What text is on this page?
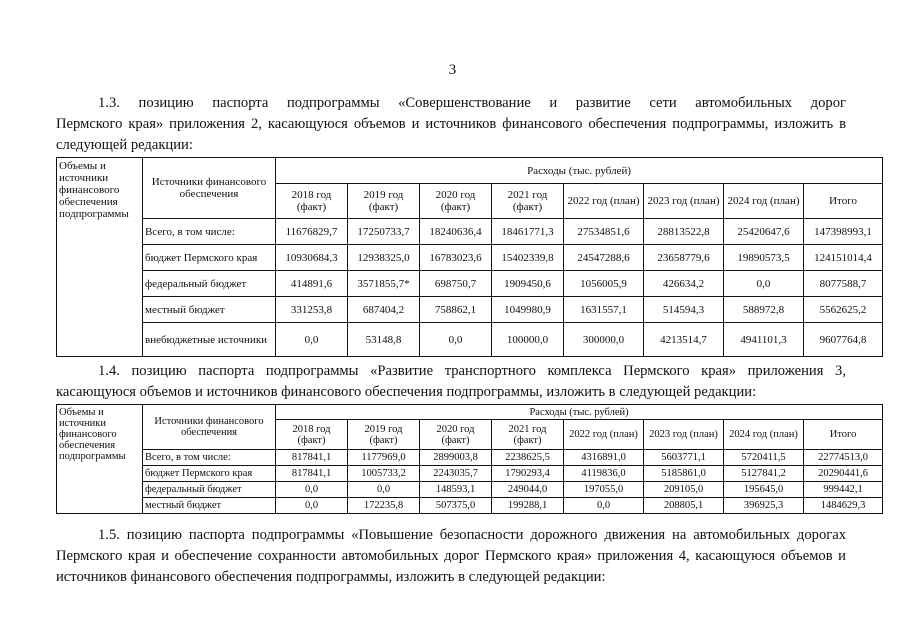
3
1.3. позицию паспорта подпрограммы «Совершенствование и развитие сети автомобильных дорог
Пермского края» приложения 2, касающуюся объемов и источников финансового обеспечения подпрограммы, изложить в следующей редакции:
Объемы и источники финансового обеспечения подпрограммы	Источники финансового обеспечения	Расходы (тыс. рублей)							
		2018 год (факт)	2019 год (факт)	2020 год (факт)	2021 год (факт)	2022 год (план)	2023 год (план)	2024 год (план)	Итого
	Всего, в том числе:	11676829,7	17250733,7	18240636,4	18461771,3	27534851,6	28813522,8	25420647,6	147398993,1
	бюджет Пермского края	10930684,3	12938325,0	16783023,6	15402339,8	24547288,6	23658779,6	19890573,5	124151014,4
	федеральный бюджет	414891,6	3571855,7*	698750,7	1909450,6	1056005,9	426634,2	0,0	8077588,7
	местный бюджет	331253,8	687404,2	758862,1	1049980,9	1631557,1	514594,3	588972,8	5562625,2
	внебюджетные источники	0,0	53148,8	0,0	100000,0	300000,0	4213514,7	4941101,3	9607764,8
1.4. позицию паспорта подпрограммы «Развитие транспортного комплекса Пермского края» приложения 3,
касающуюся объемов и источников финансового обеспечения подпрограммы, изложить в следующей редакции:
Объемы и источники финансового обеспечения подпрограммы	Источники финансового обеспечения	Расходы (тыс. рублей)							
		2018 год (факт)	2019 год (факт)	2020 год (факт)	2021 год (факт)	2022 год (план)	2023 год (план)	2024 год (план)	Итого
	Всего, в том числе:	817841,1	1177969,0	2899003,8	2238625,5	4316891,0	5603771,1	5720411,5	22774513,0
	бюджет Пермского края	817841,1	1005733,2	2243035,7	1790293,4	4119836,0	5185861,0	5127841,2	20290441,6
	федеральный бюджет	0,0	0,0	148593,1	249044,0	197055,0	209105,0	195645,0	999442,1
	местный бюджет	0,0	172235,8	507375,0	199288,1	0,0	208805,1	396925,3	1484629,3
1.5. позицию паспорта подпрограммы «Повышение безопасности дорожного движения на автомобильных дорогах
Пермского края и обеспечение сохранности автомобильных дорог Пермского края» приложения 4, касающуюся объемов и источников финансового обеспечения подпрограммы, изложить в следующей редакции:
